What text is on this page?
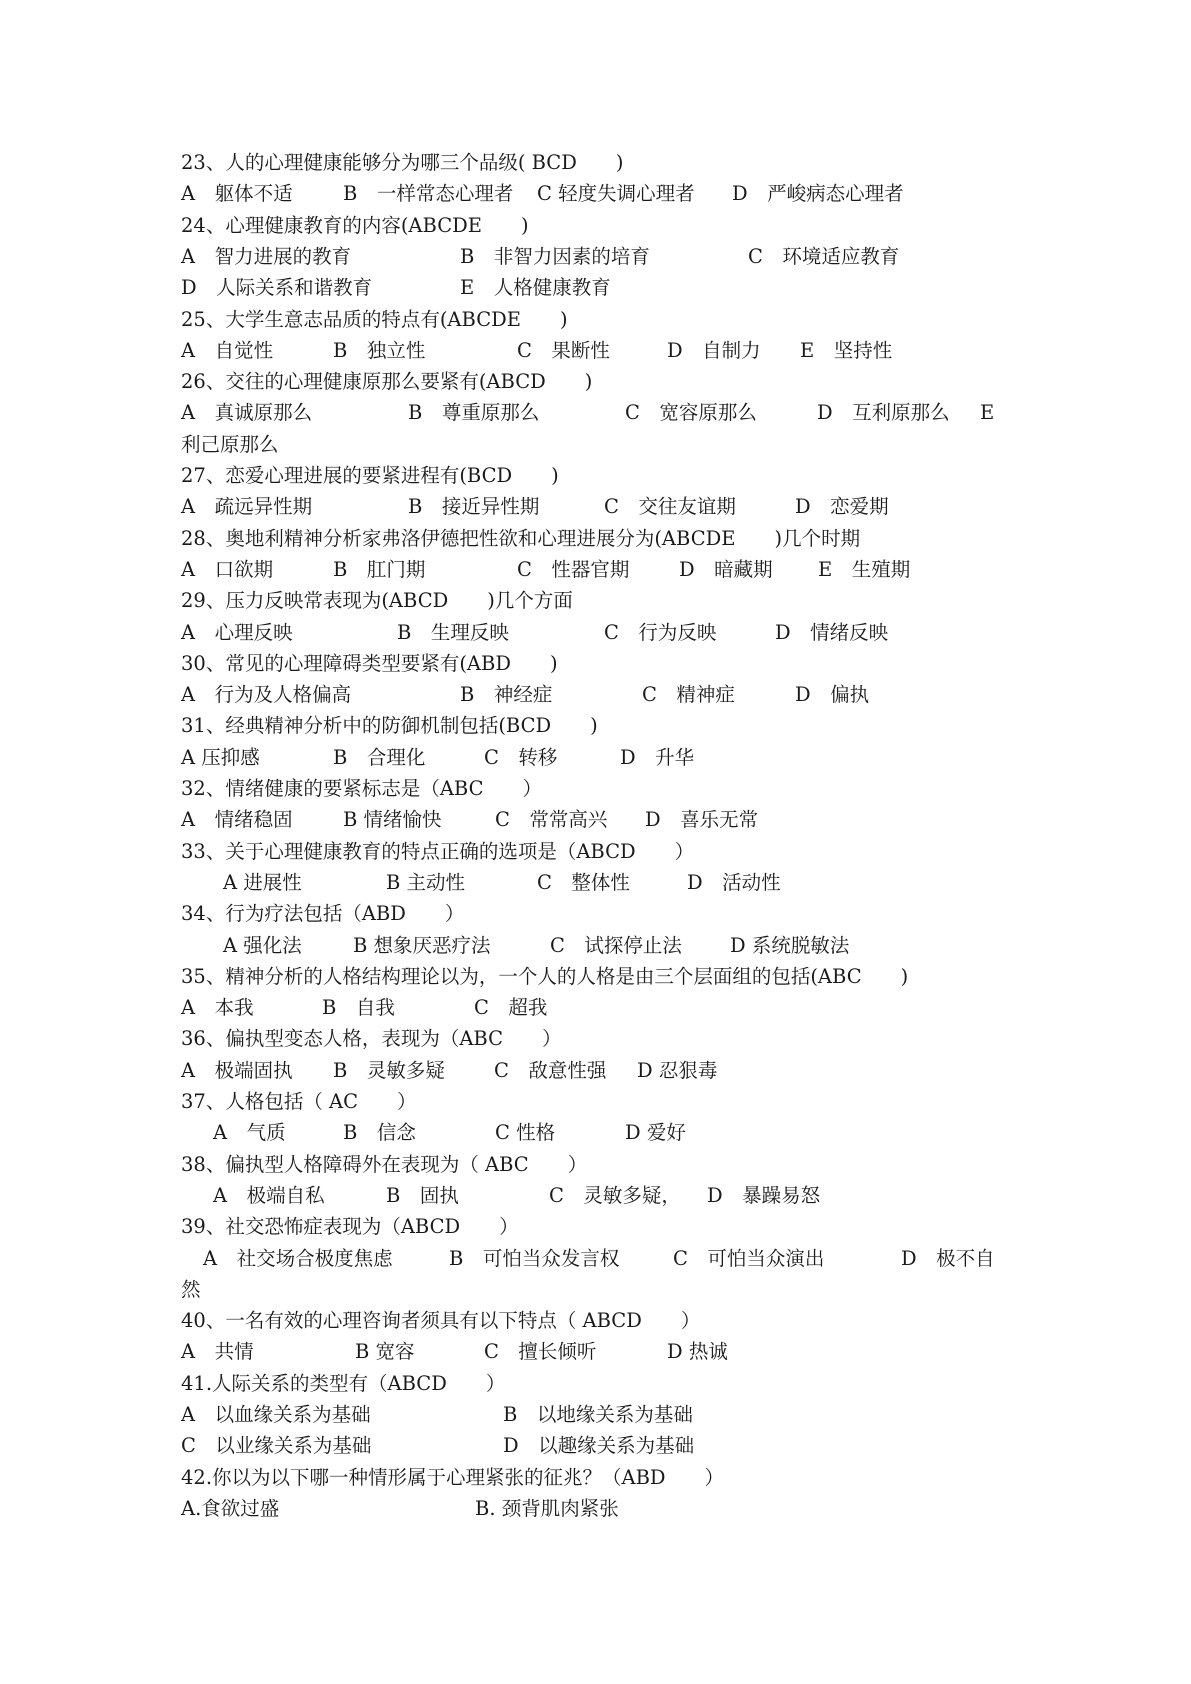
23、人的心理健康能够分为哪三个品级( BCD　　)
A　躯体不适	B　一样常态心理者 C 轻度失调心理者 D　严峻病态心理者
24、心理健康教育的内容(ABCDE　　)
A　智力进展的教育	B　非智力因素的培育	C　环境适应教育
D　人际关系和谐教育	E　人格健康教育
25、大学生意志品质的特点有(ABCDE　　)
A　自觉性	B　独立性	C　果断性	D　自制力 E　坚持性
26、交往的心理健康原那么要紧有(ABCD　　)
A　真诚原那么	B　尊重原那么	C　宽容原那么	D　互利原那么 E
利己原那么
27、恋爱心理进展的要紧进程有(BCD　　)
A　疏远异性期	B　接近异性期	C　交往友谊期	D　恋爱期
28、奥地利精神分析家弗洛伊德把性欲和心理进展分为(ABCDE　　)几个时期
A　口欲期	B　肛门期	C　性器官期	D　暗藏期 E　生殖期
29、压力反映常表现为(ABCD　　)几个方面
A　心理反映	B　生理反映	C　行为反映	D　情绪反映
30、常见的心理障碍类型要紧有(ABD　　)
A　行为及人格偏高	B　神经症	C　精神症	D　偏执
31、经典精神分析中的防御机制包括(BCD　　)
A 压抑感	B　合理化	C　转移	D　升华
32、情绪健康的要紧标志是（ABC　　）
A　情绪稳固	B 情绪愉快	C　常常高兴 D　喜乐无常
33、关于心理健康教育的特点正确的选项是（ABCD　　）
A 进展性	B 主动性	C　整体性	D　活动性
34、行为疗法包括（ABD　　）
A 强化法	B 想象厌恶疗法	C　试探停止法 D 系统脱敏法
35、精神分析的人格结构理论以为，一个人的人格是由三个层面组的包括(ABC　　)
A　本我	B　自我	C　超我
36、偏执型变态人格，表现为（ABC　　）
A　极端固执 B　灵敏多疑	C　敌意性强 D 忍狠毒
37、人格包括（ AC　　）
A　气质	B　信念	C 性格	D 爱好
38、偏执型人格障碍外在表现为（ ABC　　）
A　极端自私	B　固执	C　灵敏多疑， D　暴躁易怒
39、社交恐怖症表现为（ABCD　　）
A　社交场合极度焦虑	B　可怕当众发言权	C　可怕当众演出	D　极不自
然
40、一名有效的心理咨询者须具有以下特点（ ABCD　　）
A　共情	B 宽容	C　擅长倾听	D 热诚
41.人际关系的类型有（ABCD　　）
A　以血缘关系为基础	B　以地缘关系为基础
C　以业缘关系为基础	D　以趣缘关系为基础
42.你以为以下哪一种情形属于心理紧张的征兆？（ABD　　）
A.食欲过盛	B. 颈背肌肉紧张
